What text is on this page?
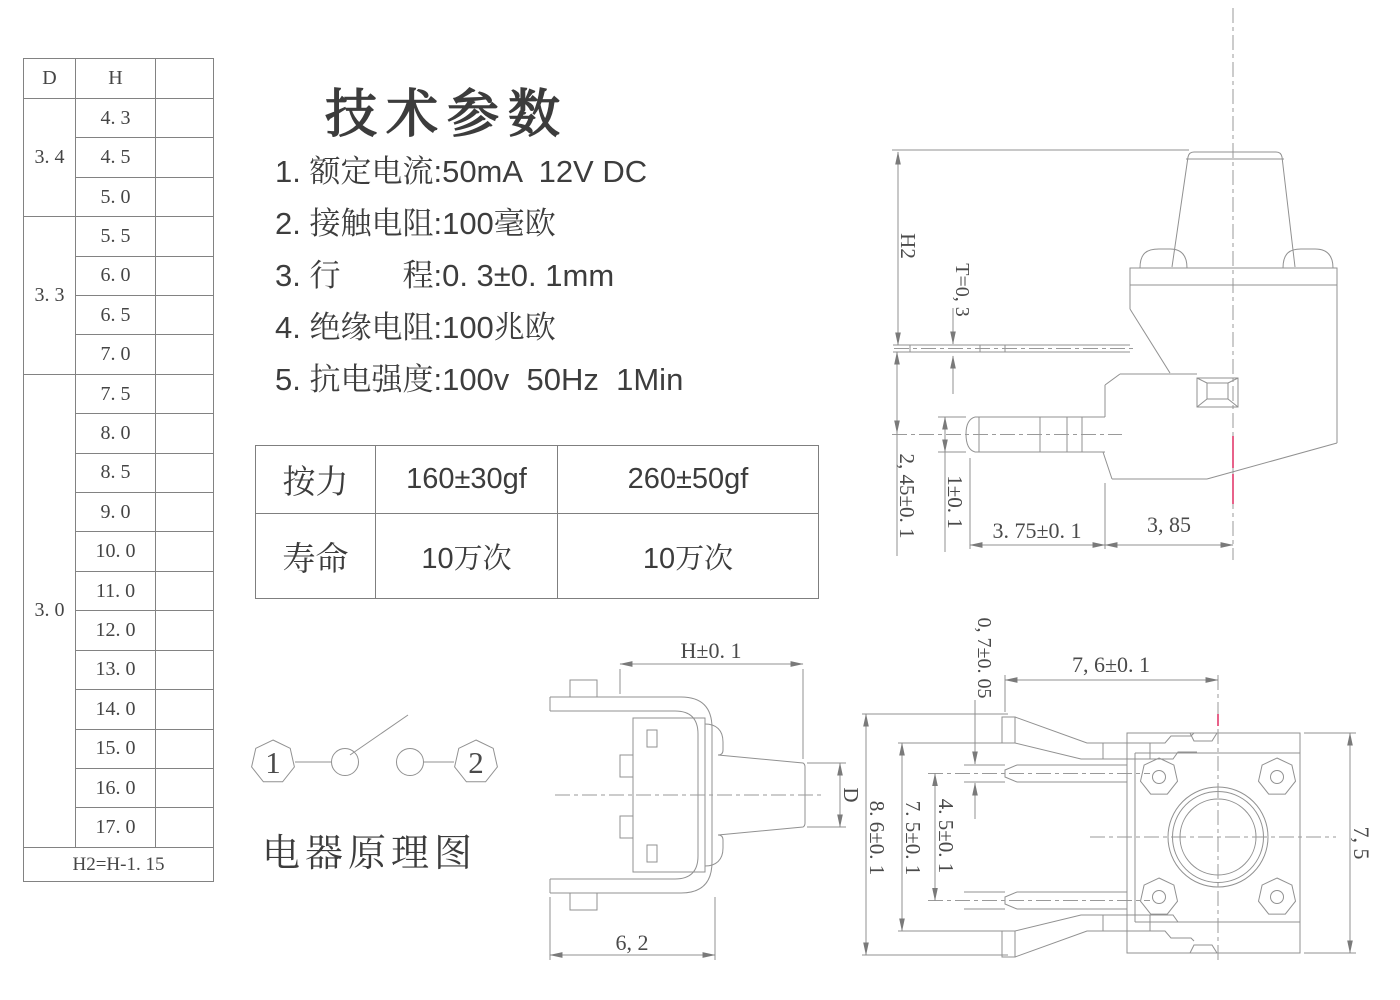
D	H	
3. 4	4. 3	
	4. 5	
	5. 0	
3. 3	5. 5	
	6. 0	
	6. 5	
	7. 0	
3. 0	7. 5	
	8. 0	
	8. 5	
	9. 0	
	10. 0	
	11. 0	
	12. 0	
	13. 0	
	14. 0	
	15. 0	
	16. 0	
	17. 0	
H2=H-1. 15		
技术参数
1. 额定电流:50mA  12V DC
2. 接触电阻:100毫欧
3. 行　　程:0. 3±0. 1mm
4. 绝缘电阻:100兆欧
5. 抗电强度:100v  50Hz  1Min
按力	160±30gf	260±50gf
寿命	10万次	10万次
1	2
电器原理图
H2
T=0, 3
2, 45±0. 1 1±0. 1
3. 75±0. 1	3, 85
H±0. 1
D
6, 2
0, 7±0. 05	7, 6±0. 1
8. 6±0. 1 7. 5±0. 1 4. 5±0. 1	7, 5
